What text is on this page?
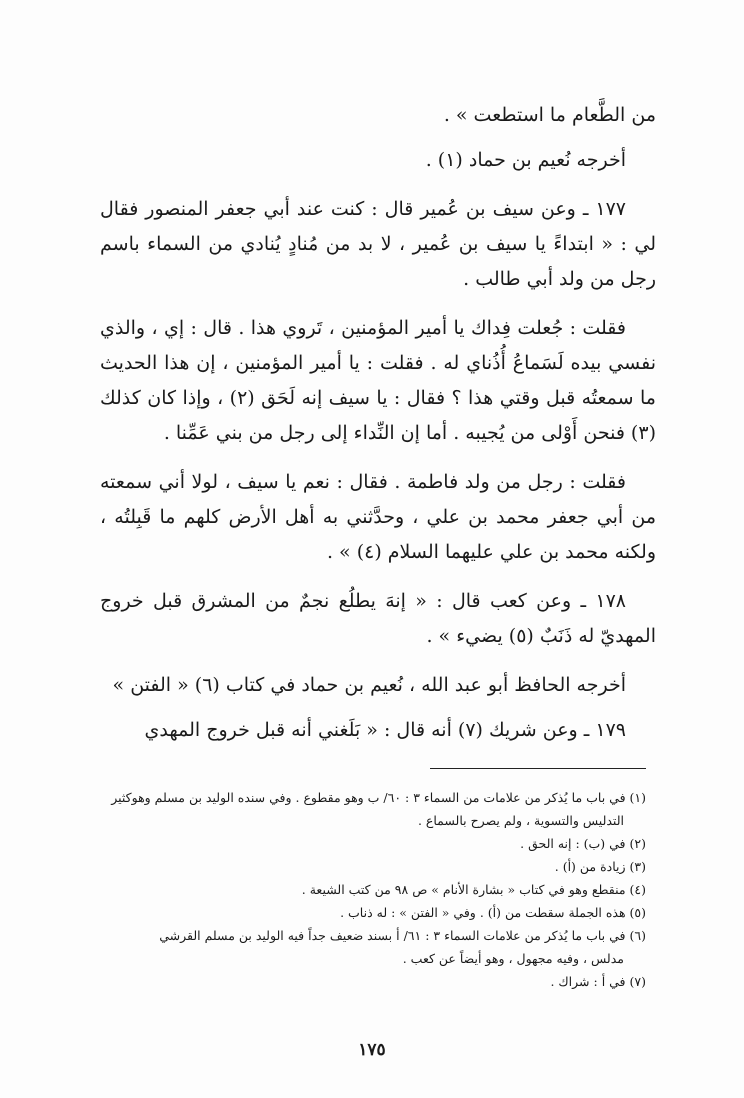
من الطَّعام ما استطعت » .

أخرجه نُعيم بن حماد (١) .

١٧٧ ـ وعن سيف بن عُمير قال : كنت عند أبي جعفر المنصور فقال لي : « ابتداءً يا سيف بن عُمير ، لا بد من مُنادٍ يُنادي من السماء باسم رجل من ولد أبي طالب .

فقلت : جُعلت فِداك يا أمير المؤمنين ، تَروي هذا . قال : إي ، والذي نفسي بيده لَسَماعُ أُذُناي له . فقلت : يا أمير المؤمنين ، إن هذا الحديث ما سمعتُه قبل وقتي هذا ؟ فقال : يا سيف إنه لَحَق (٢) ، وإذا كان كذلك (٣) فنحن أَوْلى من يُجيبه . أما إن النِّداء إلى رجل من بني عَمِّنا .

فقلت : رجل من ولد فاطمة . فقال : نعم يا سيف ، لولا أني سمعته من أبي جعفر محمد بن علي ، وحدَّثني به أهل الأرض كلهم ما قَبِلتُه ، ولكنه محمد بن علي عليهما السلام (٤) » .

١٧٨ ـ وعن كعب قال : « إنهَ يطلُع نجمٌ من المشرق قبل خروج المهديّ له ذَنَبٌ (٥) يضيء » .

أخرجه الحافظ أبو عبد الله ، نُعيم بن حماد في كتاب (٦) « الفتن »

١٧٩ ـ وعن شريك (٧) أنه قال : « بَلَغني أنه قبل خروج المهدي

(١) في باب ما يُذكر من علامات من السماء ٣ : ٦٠/ ب وهو مقطوع . وفي سنده الوليد بن مسلم وهوكثير

التدليس والتسوية ، ولم يصرح بالسماع .

(٢) في (ب) : إنه الحق .

(٣) زيادة من (أ) .

(٤) منقطع وهو في كتاب « بشارة الأنام » ص ٩٨ من كتب الشيعة .

(٥) هذه الجملة سقطت من (أ) . وفي « الفتن » : له ذناب .

(٦) في باب ما يُذكر من علامات السماء ٣ : ٦١/ أ بسند ضعيف جداً فيه الوليد بن مسلم القرشي

مدلس ، وفيه مجهول ، وهو أيضاً عن كعب .

(٧) في أ : شراك .

١٧٥
